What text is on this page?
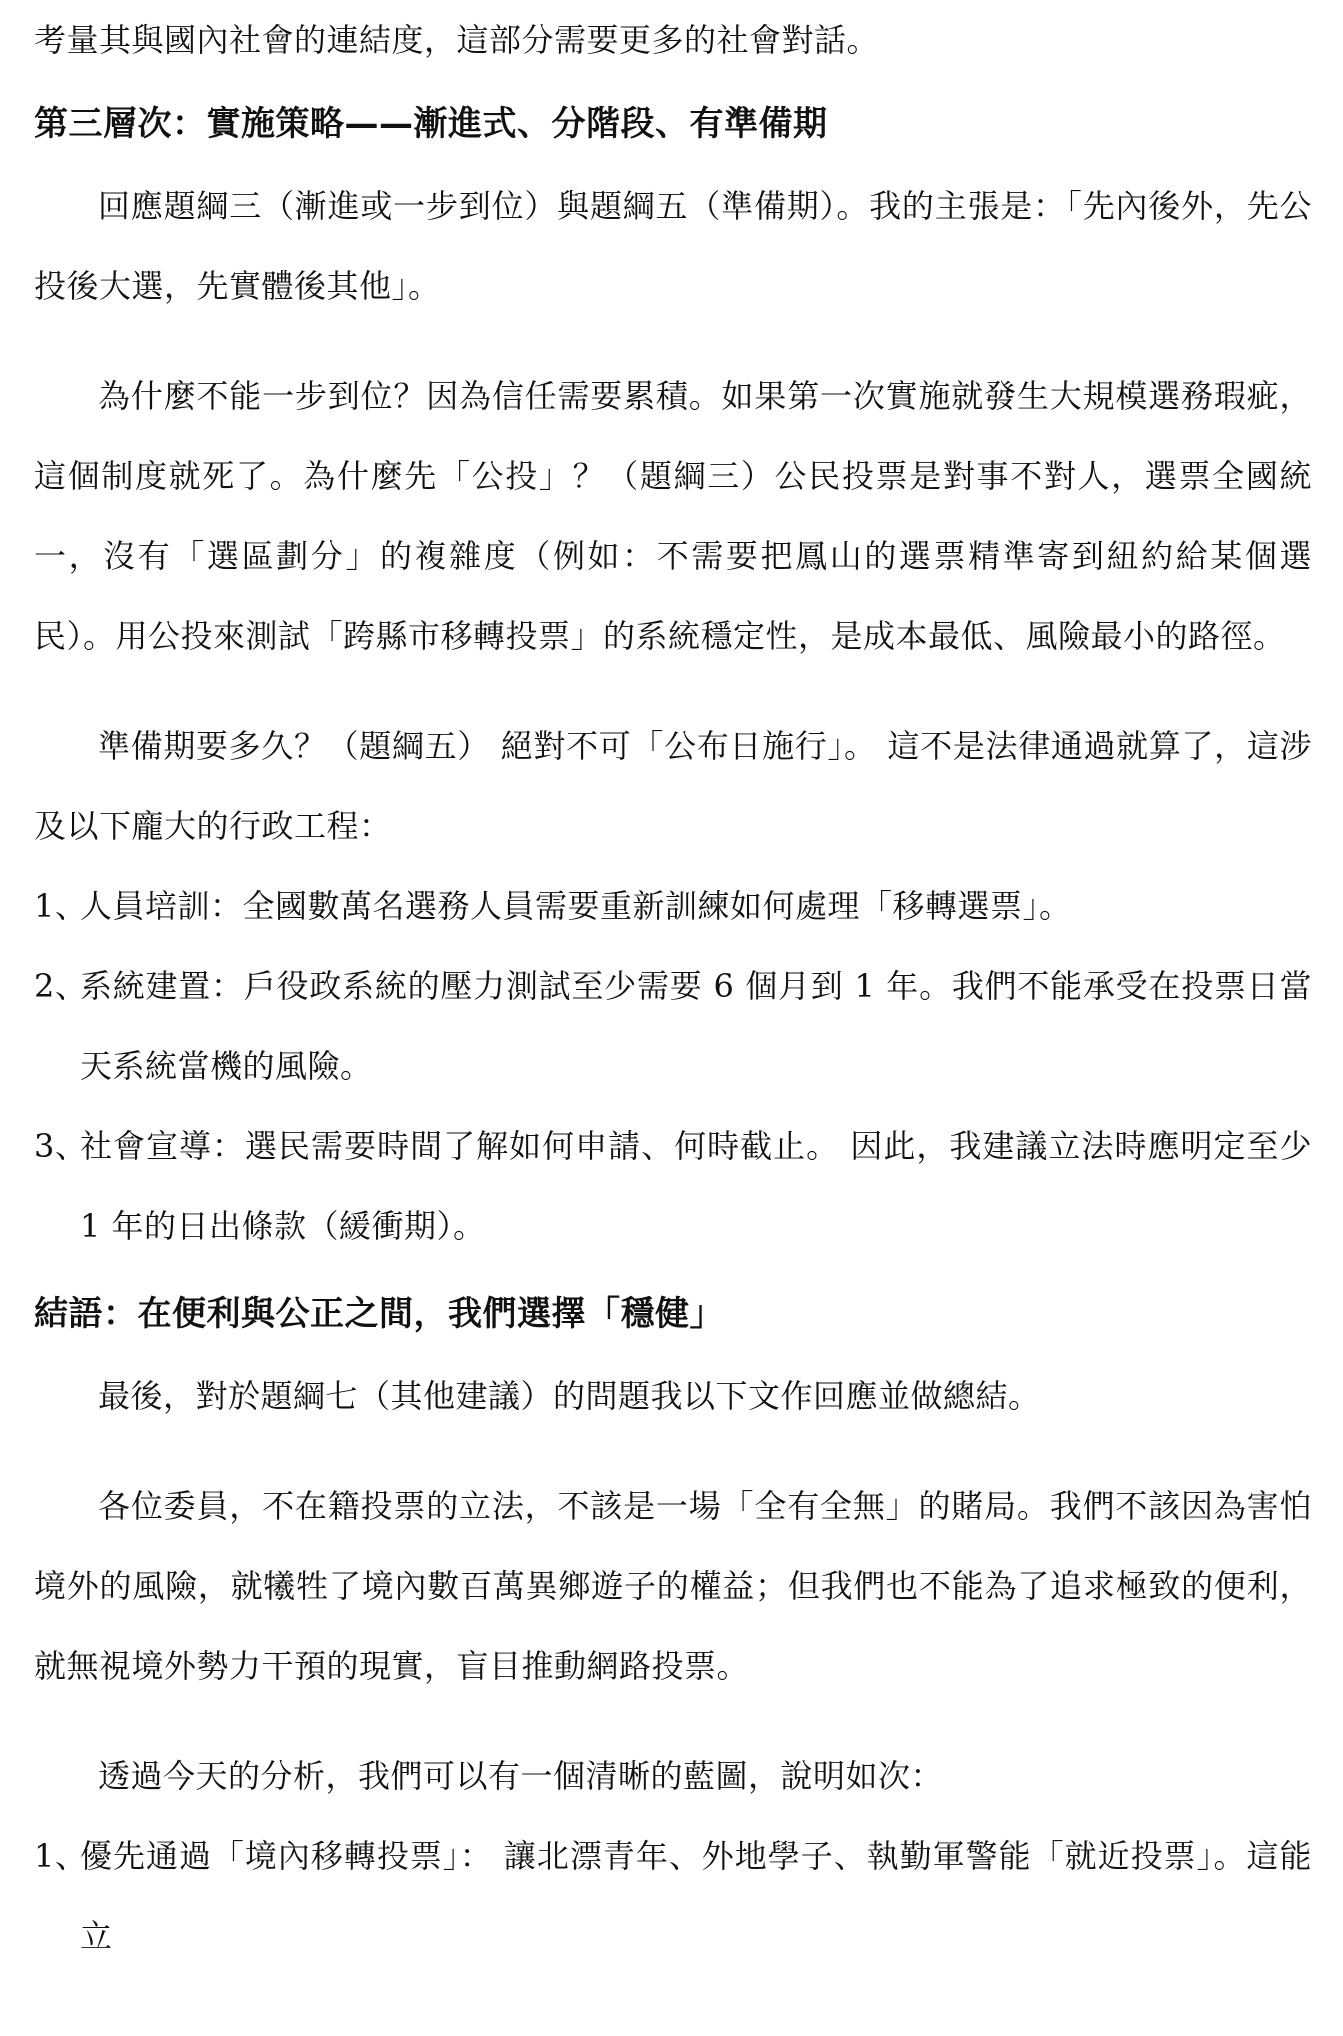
考量其與國內社會的連結度，這部分需要更多的社會對話。

第三層次：實施策略——漸進式、分階段、有準備期

回應題綱三（漸進或一步到位）與題綱五（準備期）。我的主張是：「先內後外，先公投後大選，先實體後其他」。

為什麼不能一步到位？因為信任需要累積。如果第一次實施就發生大規模選務瑕疵，這個制度就死了。為什麼先「公投」？（題綱三）公民投票是對事不對人，選票全國統一，沒有「選區劃分」的複雜度（例如：不需要把鳳山的選票精準寄到紐約給某個選民）。用公投來測試「跨縣市移轉投票」的系統穩定性，是成本最低、風險最小的路徑。

準備期要多久？（題綱五） 絕對不可「公布日施行」。 這不是法律通過就算了，這涉及以下龐大的行政工程：

1、
人員培訓：全國數萬名選務人員需要重新訓練如何處理「移轉選票」。
2、
系統建置：戶役政系統的壓力測試至少需要 6 個月到 1 年。我們不能承受在投票日當天系統當機的風險。
3、
社會宣導：選民需要時間了解如何申請、何時截止。 因此，我建議立法時應明定至少 1 年的日出條款（緩衝期）。
結語：在便利與公正之間，我們選擇「穩健」

最後，對於題綱七（其他建議）的問題我以下文作回應並做總結。

各位委員，不在籍投票的立法，不該是一場「全有全無」的賭局。我們不該因為害怕境外的風險，就犧牲了境內數百萬異鄉遊子的權益；但我們也不能為了追求極致的便利，就無視境外勢力干預的現實，盲目推動網路投票。

透過今天的分析，我們可以有一個清晰的藍圖，說明如次：

1、
優先通過「境內移轉投票」： 讓北漂青年、外地學子、執勤軍警能「就近投票」。這能立
